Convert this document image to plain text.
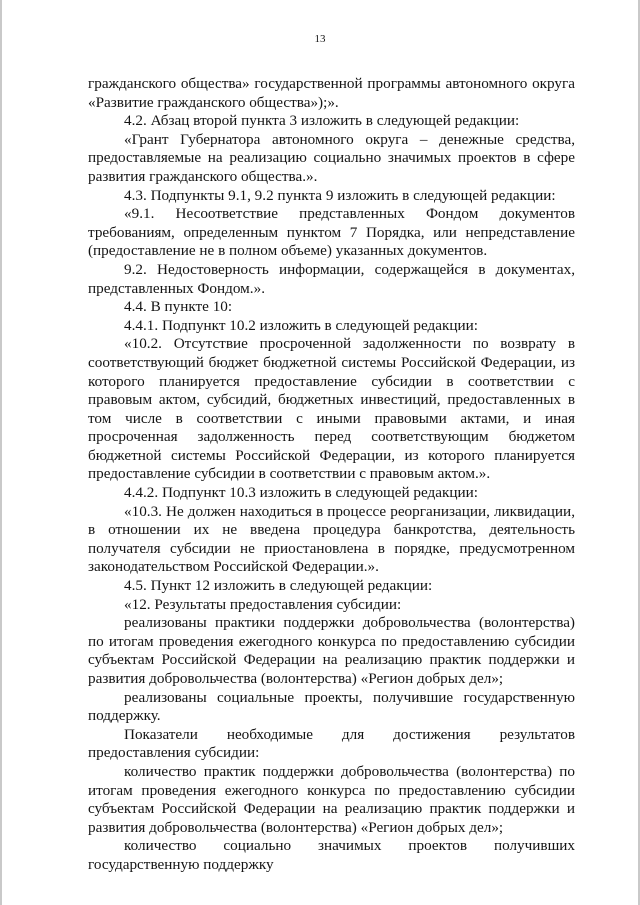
13

гражданского общества» государственной программы автономного округа «Развитие гражданского общества»);».

4.2. Абзац второй пункта 3 изложить в следующей редакции:

«Грант Губернатора автономного округа – денежные средства, предоставляемые на реализацию социально значимых проектов в сфере развития гражданского общества.».

4.3. Подпункты 9.1, 9.2 пункта 9 изложить в следующей редакции:

«9.1. Несоответствие представленных Фондом документов требованиям, определенным пунктом 7 Порядка, или непредставление (предоставление не в полном объеме) указанных документов.

9.2. Недостоверность информации, содержащейся в документах, представленных Фондом.».

4.4. В пункте 10:

4.4.1. Подпункт 10.2 изложить в следующей редакции:

«10.2. Отсутствие просроченной задолженности по возврату в соответствующий бюджет бюджетной системы Российской Федерации, из которого планируется предоставление субсидии в соответствии с правовым актом, субсидий, бюджетных инвестиций, предоставленных в том числе в соответствии с иными правовыми актами, и иная просроченная задолженность перед соответствующим бюджетом бюджетной системы Российской Федерации, из которого планируется предоставление субсидии в соответствии с правовым актом.».

4.4.2. Подпункт 10.3 изложить в следующей редакции:

«10.3. Не должен находиться в процессе реорганизации, ликвидации, в отношении их не введена процедура банкротства, деятельность получателя субсидии не приостановлена в порядке, предусмотренном законодательством Российской Федерации.».

4.5. Пункт 12 изложить в следующей редакции:

«12. Результаты предоставления субсидии:

реализованы практики поддержки добровольчества (волонтерства) по итогам проведения ежегодного конкурса по предоставлению субсидии субъектам Российской Федерации на реализацию практик поддержки и развития добровольчества (волонтерства) «Регион добрых дел»;

реализованы социальные проекты, получившие государственную поддержку.

Показатели необходимые для достижения результатов предоставления субсидии:

количество практик поддержки добровольчества (волонтерства) по итогам проведения ежегодного конкурса по предоставлению субсидии субъектам Российской Федерации на реализацию практик поддержки и развития добровольчества (волонтерства) «Регион добрых дел»;

количество социально значимых проектов получивших государственную поддержку
